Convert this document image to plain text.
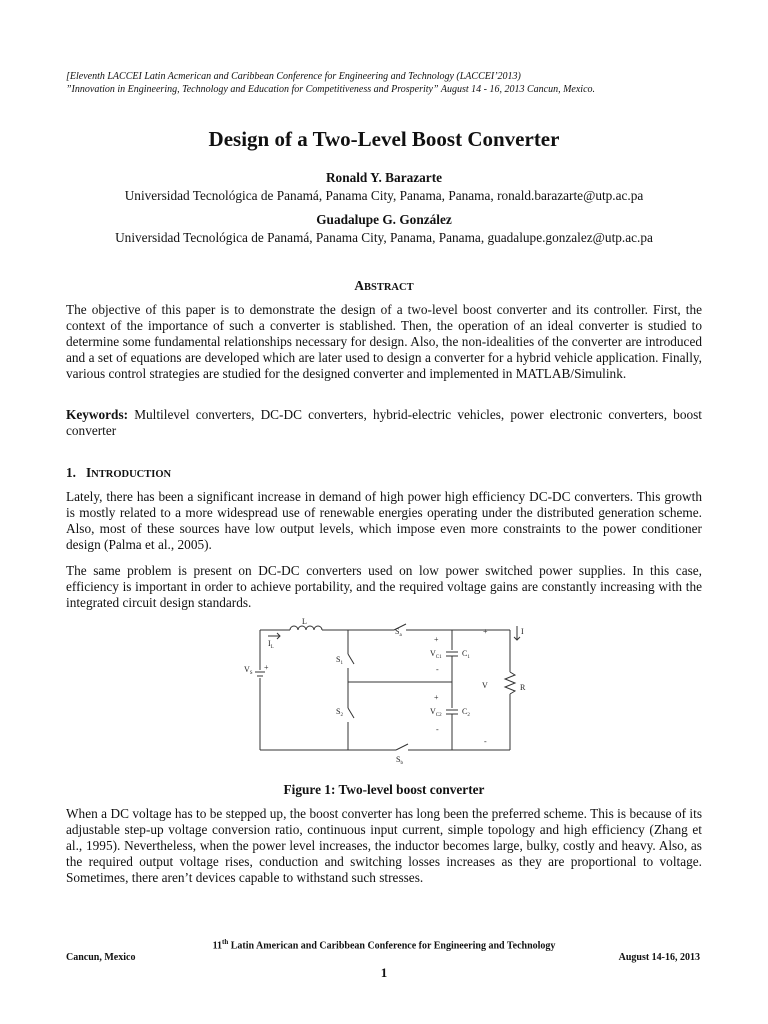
[Eleventh LACCEI Latin Acmerican and Caribbean Conference for Engineering and Technology (LACCEI’2013)
”Innovation in Engineering, Technology and Education for Competitiveness and Prosperity” August 14 - 16, 2013 Cancun, Mexico.
Design of a Two-Level Boost Converter
Ronald Y. Barazarte
Universidad Tecnológica de Panamá, Panama City, Panama, Panama, ronald.barazarte@utp.ac.pa
Guadalupe G. González
Universidad Tecnológica de Panamá, Panama City, Panama, Panama, guadalupe.gonzalez@utp.ac.pa
ABSTRACT
The objective of this paper is to demonstrate the design of a two-level boost converter and its controller. First, the context of the importance of such a converter is stablished. Then, the operation of an ideal converter is studied to determine some fundamental relationships necessary for design. Also, the non-idealities of the converter are introduced and a set of equations are developed which are later used to design a converter for a hybrid vehicle application. Finally, various control strategies are studied for the designed converter and implemented in MATLAB/Simulink.
Keywords: Multilevel converters, DC-DC converters, hybrid-electric vehicles, power electronic converters, boost converter
1. INTRODUCTION
Lately, there has been a significant increase in demand of high power high efficiency DC-DC converters. This growth is mostly related to a more widespread use of renewable energies operating under the distributed generation scheme. Also, most of these sources have low output levels, which impose even more constraints to the power conditioner design (Palma et al., 2005).
The same problem is present on DC-DC converters used on low power switched power supplies. In this case, efficiency is important in order to achieve portability, and the required voltage gains are constantly increasing with the integrated circuit design standards.
L
$I_L$
$V_S$
$S_1$
$S_2$
$S_a$
$S_b$
$V_{C1}$
$V_{C2}$
$C_1$
$C_2$
V	R
I
+
-
+
-
+
-
+
Figure 1: Two-level boost converter
When a DC voltage has to be stepped up, the boost converter has long been the preferred scheme. This is because of its adjustable step-up voltage conversion ratio, continuous input current, simple topology and high efficiency (Zhang et al., 1995). Nevertheless, when the power level increases, the inductor becomes large, bulky, costly and heavy. Also, as the required output voltage rises, conduction and switching losses increases as they are proportional to voltage. Sometimes, there aren’t devices capable to withstand such stresses.
11th Latin American and Caribbean Conference for Engineering and Technology
Cancun, Mexico	August 14-16, 2013
1
